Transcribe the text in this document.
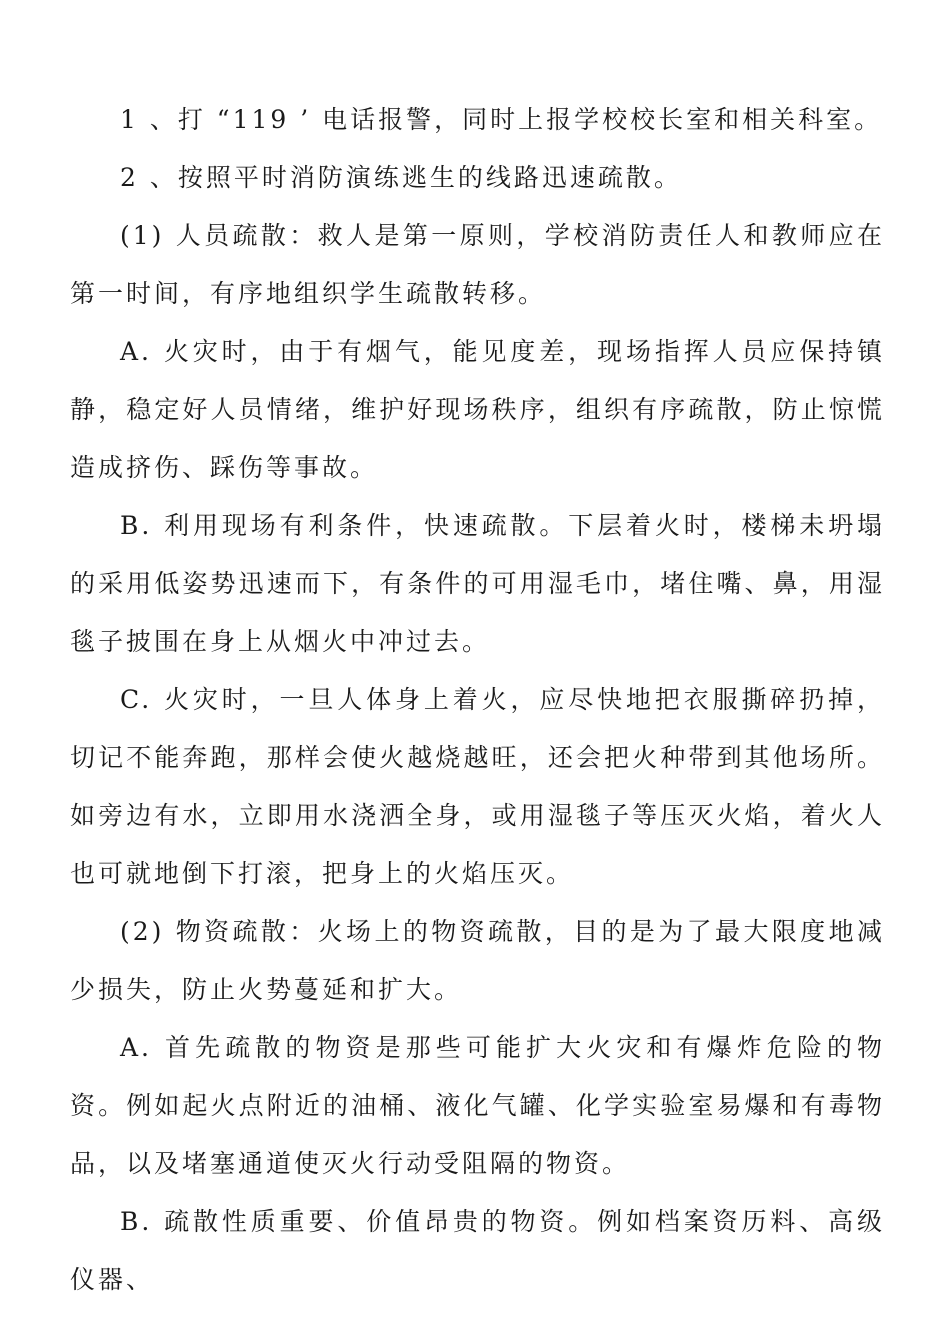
1 、打 “119 ’ 电话报警，同时上报学校校长室和相关科室。

2 、按照平时消防演练逃生的线路迅速疏散。

(1) 人员疏散：救人是第一原则，学校消防责任人和教师应在第一时间，有序地组织学生疏散转移。

A. 火灾时，由于有烟气，能见度差，现场指挥人员应保持镇静，稳定好人员情绪，维护好现场秩序，组织有序疏散，防止惊慌造成挤伤、踩伤等事故。

B. 利用现场有利条件，快速疏散。下层着火时，楼梯未坍塌的采用低姿势迅速而下，有条件的可用湿毛巾，堵住嘴、鼻，用湿毯子披围在身上从烟火中冲过去。

C. 火灾时，一旦人体身上着火，应尽快地把衣服撕碎扔掉，切记不能奔跑，那样会使火越烧越旺，还会把火种带到其他场所。如旁边有水，立即用水浇洒全身，或用湿毯子等压灭火焰，着火人也可就地倒下打滚，把身上的火焰压灭。

(2) 物资疏散：火场上的物资疏散，目的是为了最大限度地减少损失，防止火势蔓延和扩大。

A. 首先疏散的物资是那些可能扩大火灾和有爆炸危险的物资。例如起火点附近的油桶、液化气罐、化学实验室易爆和有毒物品，以及堵塞通道使灭火行动受阻隔的物资。

B. 疏散性质重要、价值昂贵的物资。例如档案资历料、高级仪器、
